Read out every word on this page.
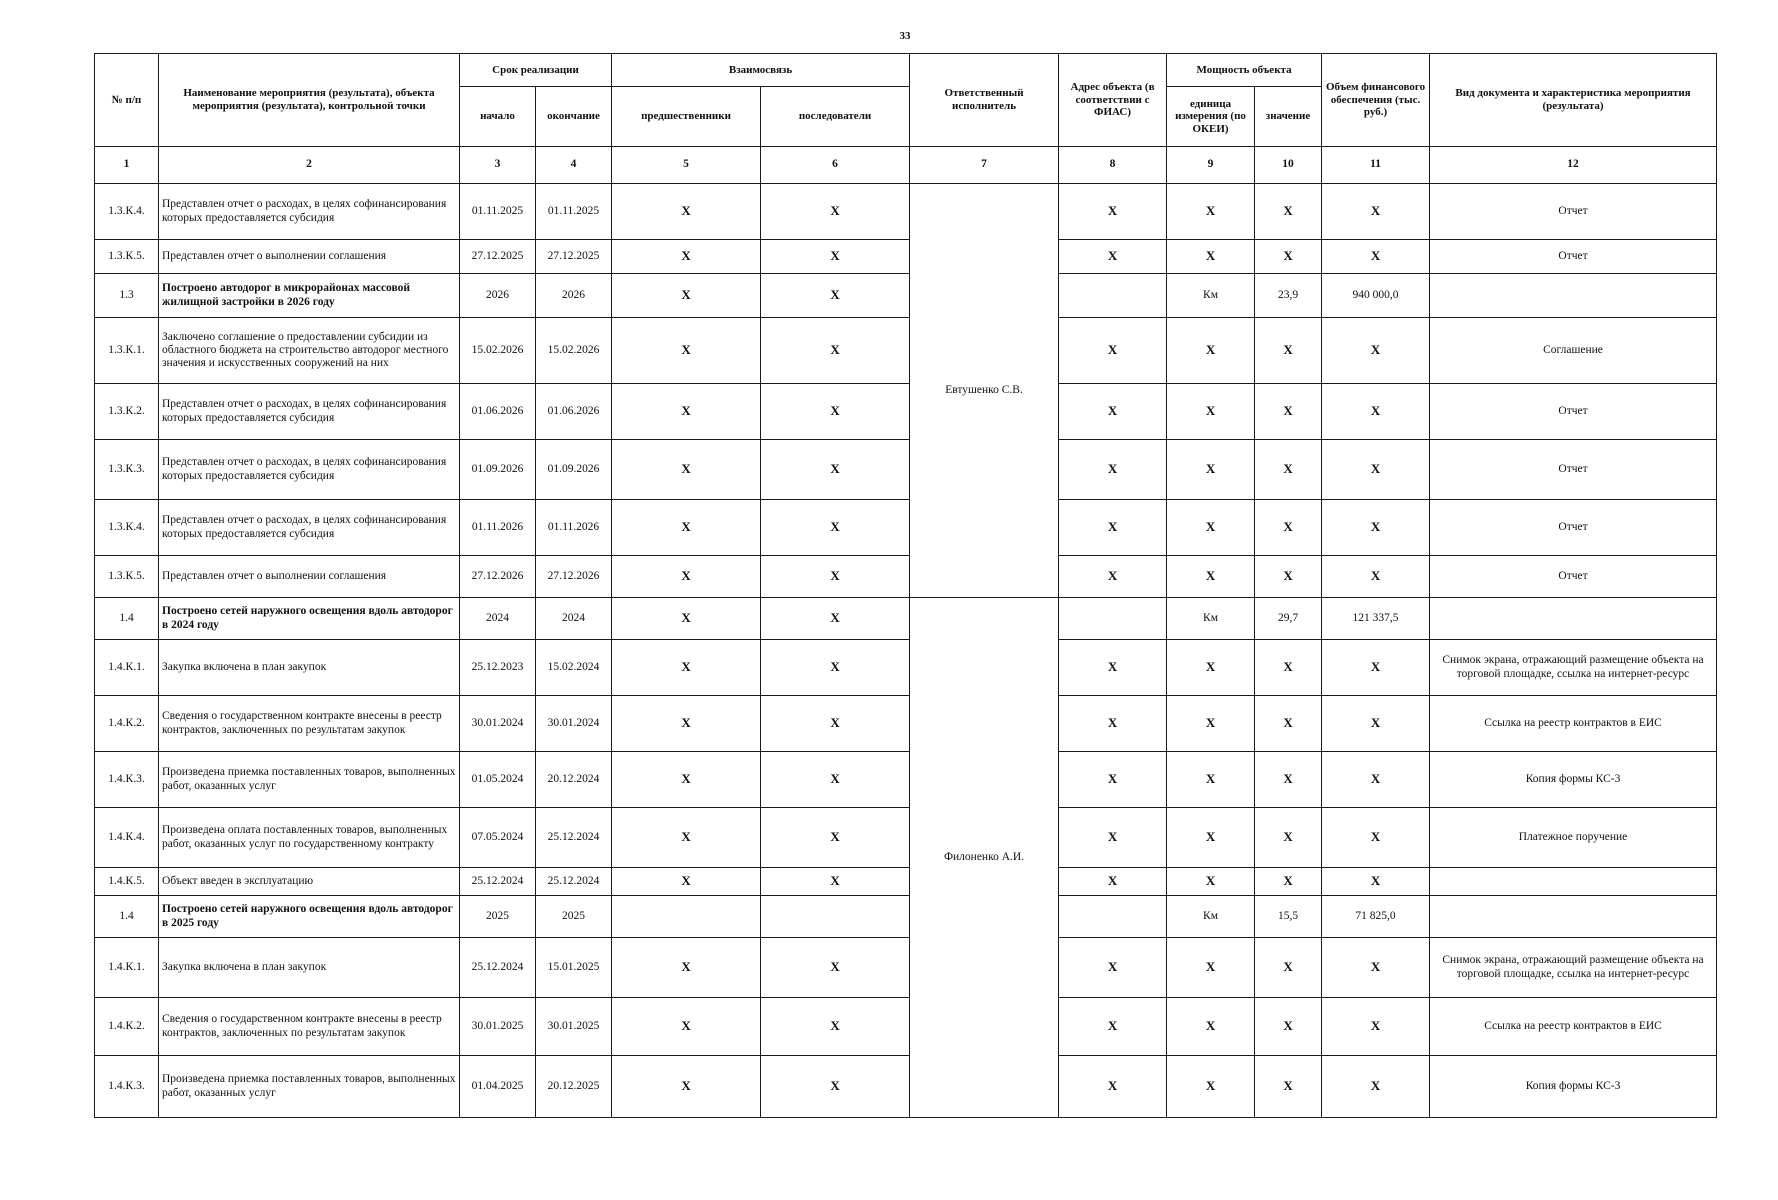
33
№ п/п	Наименование мероприятия (результата), объекта мероприятия (результата), контрольной точки	Срок реализации		Взаимосвязь		Ответственный исполнитель	Адрес объекта (в соответствии с ФИАС)	Мощность объекта		Объем финансового обеспечения (тыс. руб.)	Вид документа и характеристика мероприятия (результата)
		начало	окончание	предшественники	последователи			единица измерения (по ОКЕИ)	значение		
1	2	3	4	5	6	7	8	9	10	11	12
1.3.К.4.	Представлен отчет о расходах, в целях софинансирования которых предоставляется субсидия	01.11.2025	01.11.2025	X	X	Евтушенко С.В.	X	X	X	X	Отчет
1.3.К.5.	Представлен отчет о выполнении соглашения	27.12.2025	27.12.2025	X	X		X	X	X	X	Отчет
1.3	Построено автодорог в микрорайонах массовой жилищной застройки в 2026 году	2026	2026	X	X			Км	23,9	940 000,0	
1.3.К.1.	Заключено соглашение о предоставлении субсидии из областного бюджета на строительство автодорог местного значения и искусственных сооружений на них	15.02.2026	15.02.2026	X	X		X	X	X	X	Соглашение
1.3.К.2.	Представлен отчет о расходах, в целях софинансирования которых предоставляется субсидия	01.06.2026	01.06.2026	X	X		X	X	X	X	Отчет
1.3.К.3.	Представлен отчет о расходах, в целях софинансирования которых предоставляется субсидия	01.09.2026	01.09.2026	X	X		X	X	X	X	Отчет
1.3.К.4.	Представлен отчет о расходах, в целях софинансирования которых предоставляется субсидия	01.11.2026	01.11.2026	X	X		X	X	X	X	Отчет
1.3.К.5.	Представлен отчет о выполнении соглашения	27.12.2026	27.12.2026	X	X		X	X	X	X	Отчет
1.4	Построено сетей наружного освещения вдоль автодорог в 2024 году	2024	2024	X	X	Филоненко А.И.		Км	29,7	121 337,5	
1.4.К.1.	Закупка включена в план закупок	25.12.2023	15.02.2024	X	X		X	X	X	X	Снимок экрана, отражающий размещение объекта на торговой площадке, ссылка на интернет-ресурс
1.4.К.2.	Сведения о государственном контракте внесены в реестр контрактов, заключенных по результатам закупок	30.01.2024	30.01.2024	X	X		X	X	X	X	Ссылка на реестр контрактов в ЕИС
1.4.К.3.	Произведена приемка поставленных товаров, выполненных работ, оказанных услуг	01.05.2024	20.12.2024	X	X		X	X	X	X	Копия формы КС-3
1.4.К.4.	Произведена оплата поставленных товаров, выполненных работ, оказанных услуг по государственному контракту	07.05.2024	25.12.2024	X	X		X	X	X	X	Платежное поручение
1.4.К.5.	Объект введен в эксплуатацию	25.12.2024	25.12.2024	X	X		X	X	X	X	
1.4	Построено сетей наружного освещения вдоль автодорог в 2025 году	2025	2025					Км	15,5	71 825,0	
1.4.К.1.	Закупка включена в план закупок	25.12.2024	15.01.2025	X	X		X	X	X	X	Снимок экрана, отражающий размещение объекта на торговой площадке, ссылка на интернет-ресурс
1.4.К.2.	Сведения о государственном контракте внесены в реестр контрактов, заключенных по результатам закупок	30.01.2025	30.01.2025	X	X		X	X	X	X	Ссылка на реестр контрактов в ЕИС
1.4.К.3.	Произведена приемка поставленных товаров, выполненных работ, оказанных услуг	01.04.2025	20.12.2025	X	X		X	X	X	X	Копия формы КС-3
